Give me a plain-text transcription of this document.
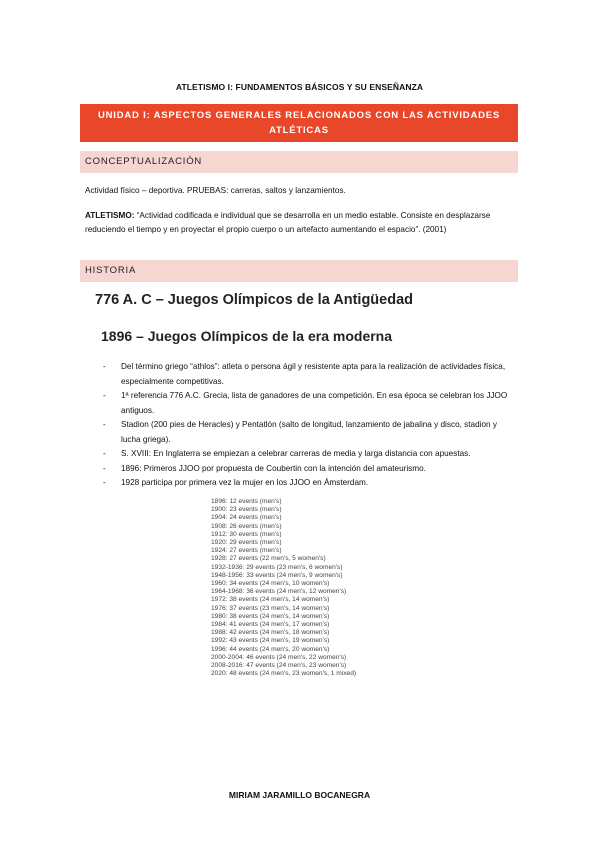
ATLETISMO I: FUNDAMENTOS BÁSICOS Y SU ENSEÑANZA
UNIDAD I: ASPECTOS GENERALES RELACIONADOS CON LAS ACTIVIDADES ATLÉTICAS
CONCEPTUALIZACIÓN
Actividad físico – deportiva. PRUEBAS: carreras, saltos y lanzamientos.
ATLETISMO: “Actividad codificada e individual que se desarrolla en un medio estable. Consiste en desplazarse reduciendo el tiempo y en proyectar el propio cuerpo o un artefacto aumentando el espacio”. (2001)
HISTORIA
776 A. C – Juegos Olímpicos de la Antigüedad
1896 – Juegos Olímpicos de la era moderna
- Del término griego “athlos”: atleta o persona ágil y resistente apta para la realización de actividades física, especialmente competitivas.
- 1ª referencia 776 A.C. Grecia, lista de ganadores de una competición. En esa época se celebran los JJOO antiguos.
- Stadion (200 pies de Heracles) y Pentatlón (salto de longitud, lanzamiento de jabalina y disco, stadion y lucha griega).
- S. XVIII: En Inglaterra se empiezan a celebrar carreras de media y larga distancia con apuestas.
- 1896: Primeros JJOO por propuesta de Coubertin con la intención del amateurismo.
- 1928 participa por primera vez la mujer en los JJOO en Ámsterdam.
1896: 12 events (men's)
1900: 23 events (men's)
1904: 24 events (men's)
1908: 26 events (men's)
1912: 30 events (men's)
1920: 29 events (men's)
1924: 27 events (men's)
1928: 27 events (22 men's, 5 women's)
1932-1936: 29 events (23 men's, 6 women's)
1948-1956: 33 events (24 men's, 9 women's)
1960: 34 events (24 men's, 10 women's)
1964-1968: 36 events (24 men's, 12 women's)
1972: 38 events (24 men's, 14 women's)
1976: 37 events (23 men's, 14 women's)
1980: 38 events (24 men's, 14 women's)
1984: 41 events (24 men's, 17 women's)
1988: 42 events (24 men's, 18 women's)
1992: 43 events (24 men's, 19 women's)
1996: 44 events (24 men's, 20 women's)
2000-2004: 46 events (24 men's, 22 women's)
2008-2016: 47 events (24 men's, 23 women's)
2020: 48 events (24 men's, 23 women's, 1 mixed)
MIRIAM JARAMILLO BOCANEGRA
